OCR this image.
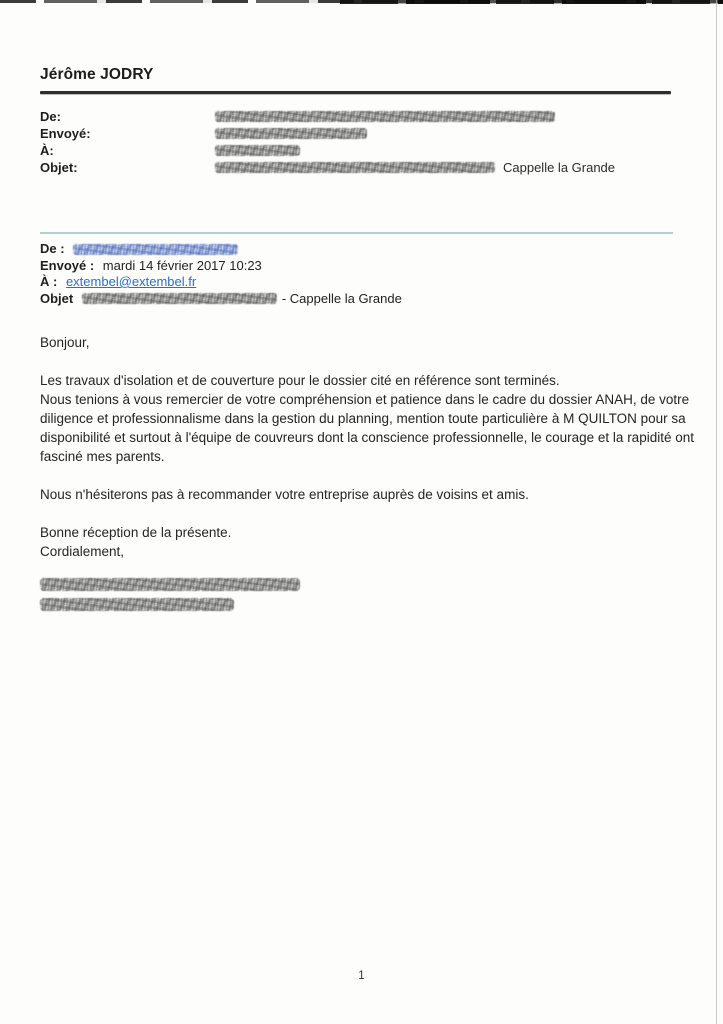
Jérôme JODRY
De:
Envoyé:
À:
Objet:	Cappelle la Grande
De :
Envoyé : mardi 14 février 2017 10:23
À : extembel@extembel.fr
Objet	- Cappelle la Grande

Bonjour,

Les travaux d'isolation et de couverture pour le dossier cité en référence sont terminés.

Nous tenions à vous remercier de votre compréhension et patience dans le cadre du dossier ANAH, de votre diligence et professionnalisme dans la gestion du planning, mention toute particulière à M QUILTON pour sa disponibilité et surtout à l'équipe de couvreurs dont la conscience professionnelle, le courage et la rapidité ont fasciné mes parents.

Nous n'hésiterons pas à recommander votre entreprise auprès de voisins et amis.

Bonne réception de la présente.

Cordialement,

1
